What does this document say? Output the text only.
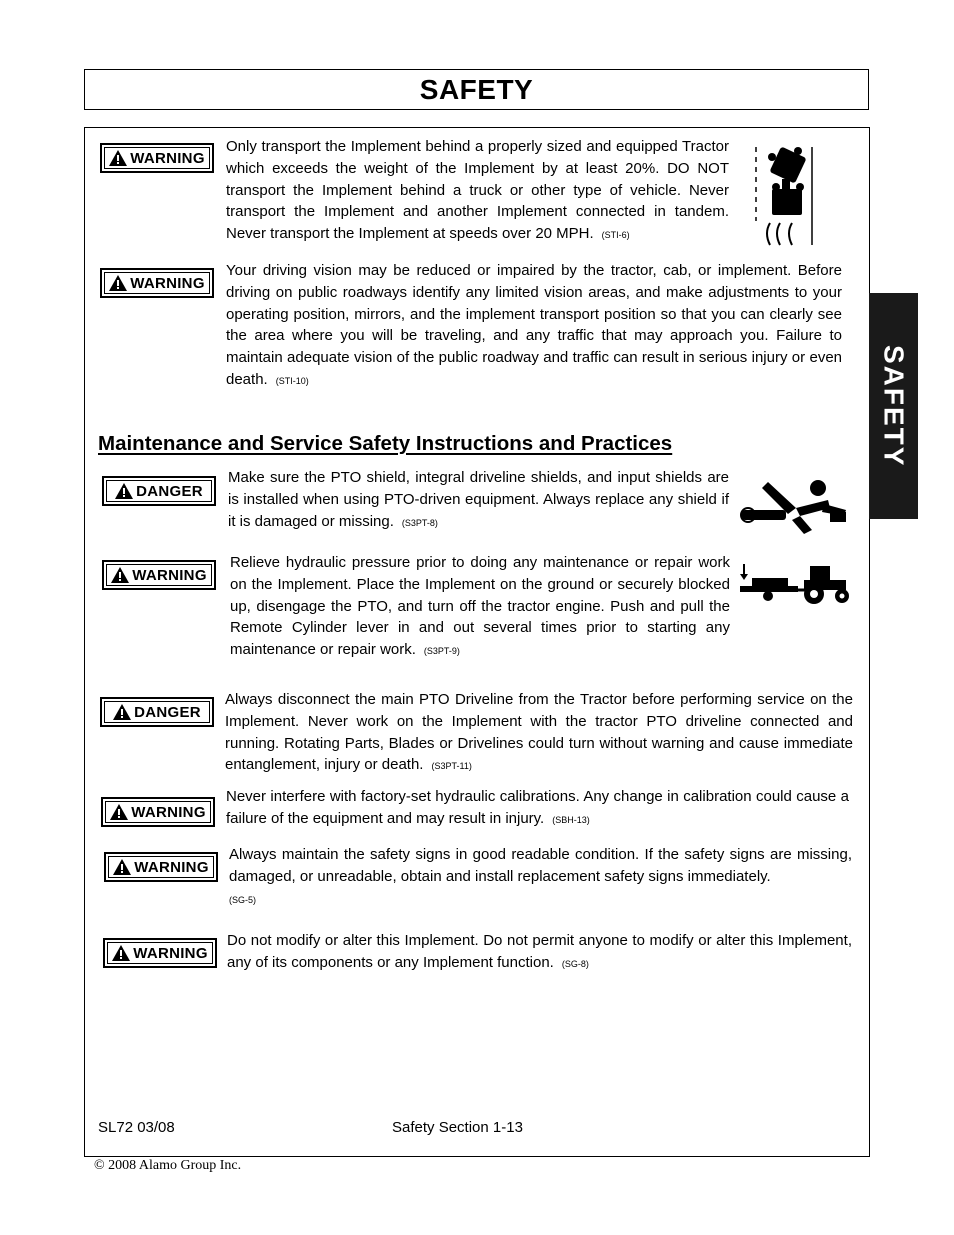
SAFETY
SAFETY
WARNING
Only transport the Implement behind a properly sized and equipped Tractor which exceeds the weight of the Implement by at least 20%. DO NOT transport the Implement behind a truck or other type of vehicle. Never transport the Implement and another Implement connected in tandem. Never transport the Implement at speeds over 20 MPH. (STI-6)
WARNING
Your driving vision may be reduced or impaired by the tractor, cab, or implement. Before driving on public roadways identify any limited vision areas, and make adjustments to your operating position, mirrors, and the implement transport position so that you can clearly see the area where you will be traveling, and any traffic that may approach you. Failure to maintain adequate vision of the public roadway and traffic can result in serious injury or even death. (STI-10)
Maintenance and Service Safety Instructions and Practices
DANGER
Make sure the PTO shield, integral driveline shields, and input shields are is installed when using PTO-driven equipment. Always replace any shield if it is damaged or missing. (S3PT-8)
WARNING
Relieve hydraulic pressure prior to doing any maintenance or repair work on the Implement. Place the Implement on the ground or securely blocked up, disengage the PTO, and turn off the tractor engine. Push and pull the Remote Cylinder lever in and out several times prior to starting any maintenance or repair work. (S3PT-9)
DANGER
Always disconnect the main PTO Driveline from the Tractor before performing service on the Implement. Never work on the Implement with the tractor PTO driveline connected and running. Rotating Parts, Blades or Drivelines could turn without warning and cause immediate entanglement, injury or death. (S3PT-11)
WARNING
Never interfere with factory-set hydraulic calibrations. Any change in calibration could cause a failure of the equipment and may result in injury. (SBH-13)
WARNING
Always maintain the safety signs in good readable condition. If the safety signs are missing, damaged, or unreadable, obtain and install replacement safety signs immediately.
(SG-5)
WARNING
Do not modify or alter this Implement. Do not permit anyone to modify or alter this Implement, any of its components or any Implement function. (SG-8)
SL72 03/08	Safety Section 1-13
© 2008 Alamo Group Inc.
